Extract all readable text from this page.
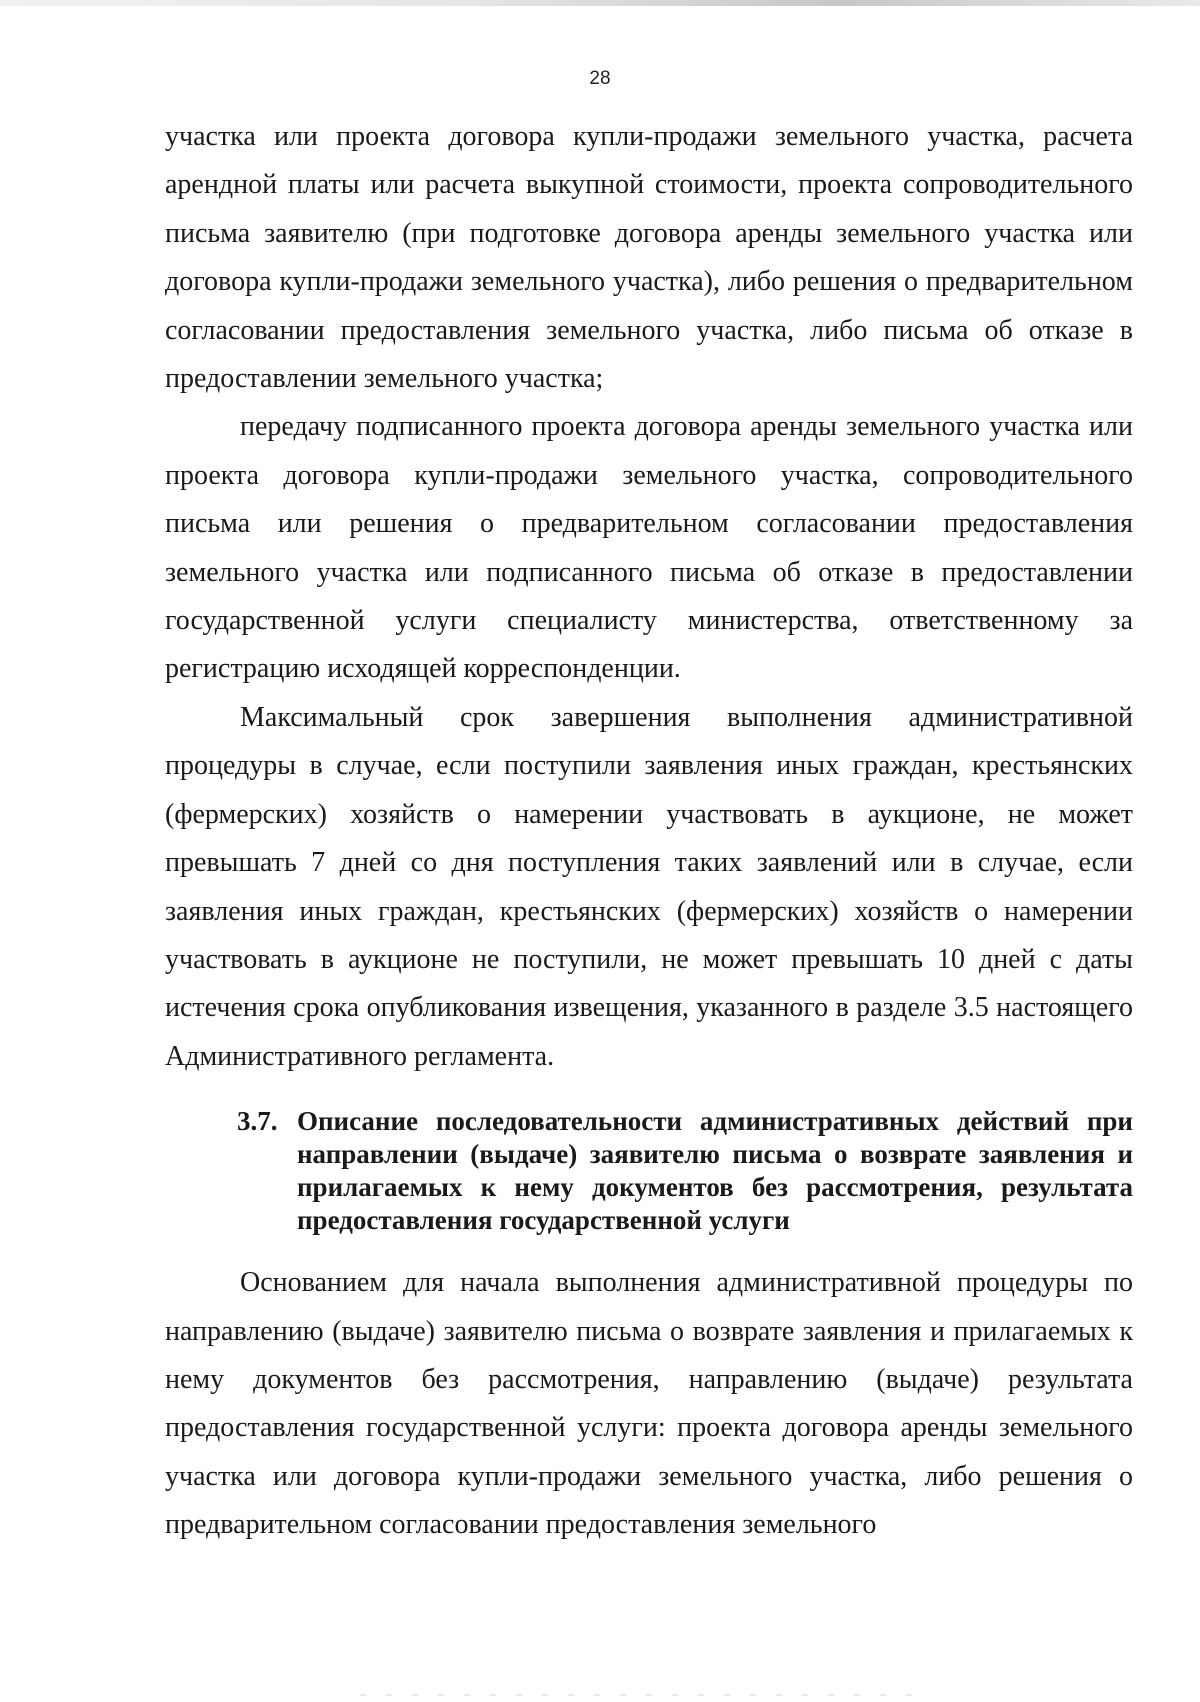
28

участка или проекта договора купли-продажи земельного участка, расчета арендной платы или расчета выкупной стоимости, проекта сопроводительного письма заявителю (при подготовке договора аренды земельного участка или договора купли-продажи земельного участка), либо решения о предварительном согласовании предоставления земельного участка, либо письма об отказе в предоставлении земельного участка;

передачу подписанного проекта договора аренды земельного участка или проекта договора купли-продажи земельного участка, сопроводительного письма или решения о предварительном согласовании предоставления земельного участка или подписанного письма об отказе в предоставлении государственной услуги специалисту министерства, ответственному за регистрацию исходящей корреспонденции.

Максимальный срок завершения выполнения административной процедуры в случае, если поступили заявления иных граждан, крестьянских (фермерских) хозяйств о намерении участвовать в аукционе, не может превышать 7 дней со дня поступления таких заявлений или в случае, если заявления иных граждан, крестьянских (фермерских) хозяйств о намерении участвовать в аукционе не поступили, не может превышать 10 дней с даты истечения срока опубликования извещения, указанного в разделе 3.5 настоящего Административного регламента.

3.7. Описание последовательности административных действий при направлении (выдаче) заявителю письма о возврате заявления и прилагаемых к нему документов без рассмотрения, результата предоставления государственной услуги

Основанием для начала выполнения административной процедуры по направлению (выдаче) заявителю письма о возврате заявления и прилагаемых к нему документов без рассмотрения, направлению (выдаче) результата предоставления государственной услуги: проекта договора аренды земельного участка или договора купли-продажи земельного участка, либо решения о предварительном согласовании предоставления земельного
